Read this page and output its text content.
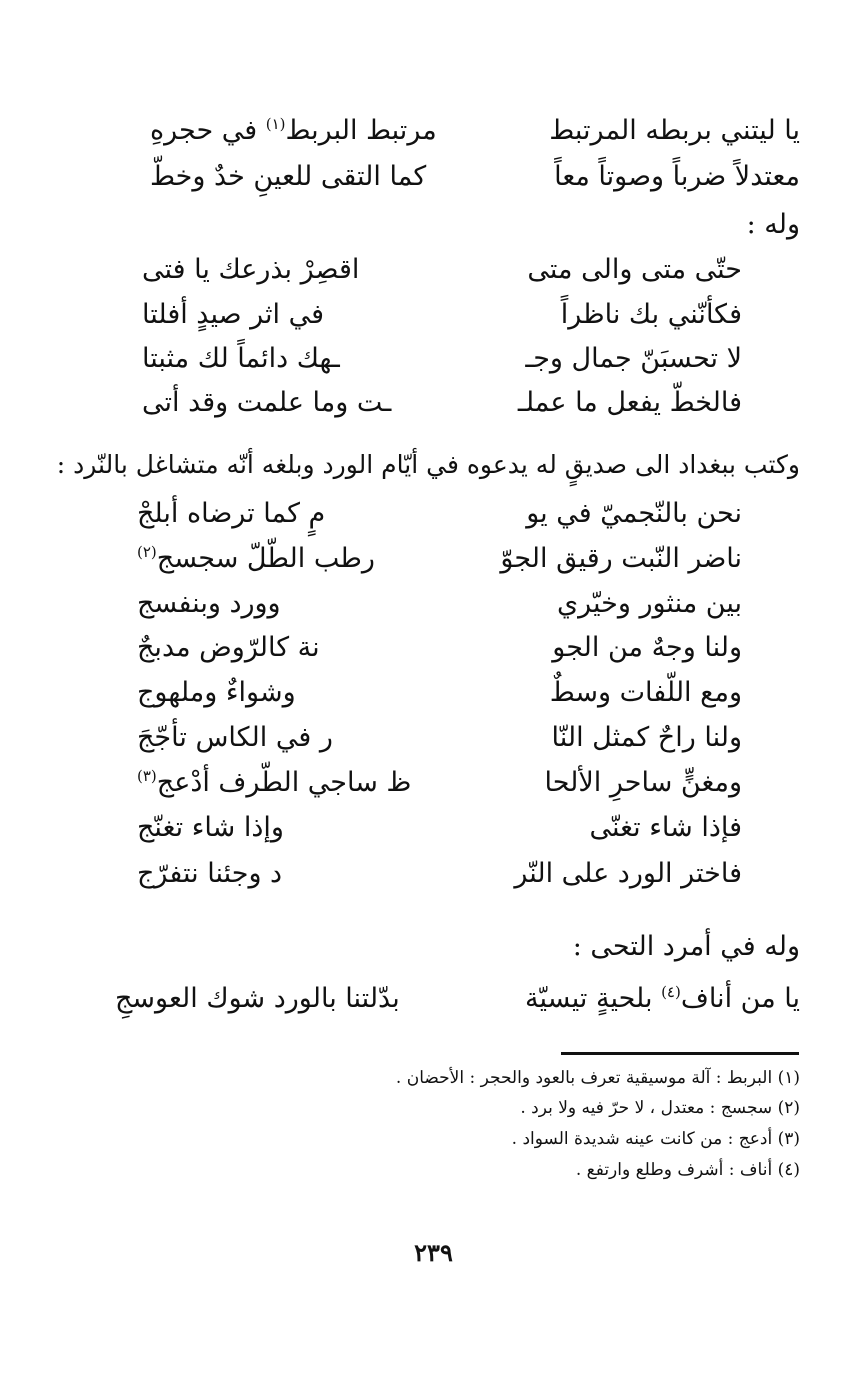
يا ليتني بربطه المرتبط
مرتبط البربط$^{(١)}$ في حجرهِ
معتدلاً ضرباً وصوتاً معاً
كما التقى للعينِ خدٌ وخطّ
وله :
حتّى متى والى متى
اقصِرْ بذرعك يا فتى
فكأنّني بك ناظراً
في اثر صيدٍ أفلتا
لا تحسبَنّ جمال وجـ
ـهك دائماً لك مثبتا
فالخطّ يفعل ما عملـ
ـت وما علمت وقد أتى
وكتب ببغداد الى صديقٍ له يدعوه في أيّام الورد وبلغه أنّه متشاغل بالنّرد :
نحن بالنّجميّ في يو
مٍ كما ترضاه أبلجْ
ناضر النّبت رقيق الجوّ
رطب الطّلّ سجسج$^{(٢)}$
بين منثور وخيّري
وورد وبنفسج
ولنا وجهٌ من الجو
نة كالرّوض مدبجٌ
ومع اللّفات وسطٌ
وشواءٌ وملهوج
ولنا راحٌ كمثل النّا
ر في الكاس تأجّجَ
ومغنٍّ ساحرِ الألحا
ظ ساجي الطّرف أدْعج$^{(٣)}$
فإذا شاء تغنّى
وإذا شاء تغنّج
فاختر الورد على النّر
د وجئنا نتفرّج
وله في أمرد التحى :
يا من أناف$^{(٤)}$ بلحيةٍ تيسيّة
بدّلتنا بالورد شوك العوسجِ
(١) البربط : آلة موسيقية تعرف بالعود والحجر : الأحضان .
(٢) سجسج : معتدل ، لا حرّ فيه ولا برد .
(٣) أدعج : من كانت عينه شديدة السواد .
(٤) أناف : أشرف وطلع وارتفع .
٢٣٩
